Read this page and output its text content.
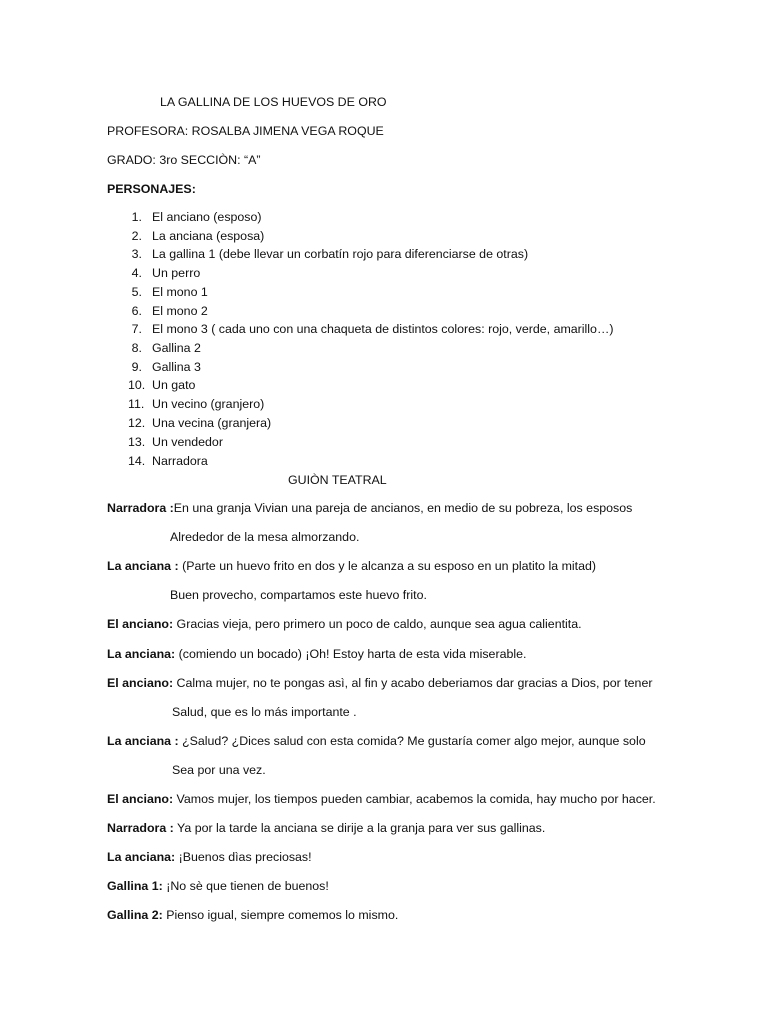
LA GALLINA DE LOS HUEVOS DE ORO
PROFESORA: ROSALBA JIMENA VEGA ROQUE
GRADO: 3ro SECCIÒN: “A”
PERSONAJES:
1. El anciano (esposo)
2. La anciana (esposa)
3. La gallina 1 (debe llevar un corbatín rojo para diferenciarse de otras)
4. Un perro
5. El mono 1
6. El mono 2
7. El mono 3 ( cada uno con una chaqueta de distintos colores: rojo, verde, amarillo…)
8. Gallina 2
9. Gallina 3
10. Un gato
11. Un vecino (granjero)
12. Una vecina (granjera)
13. Un vendedor
14. Narradora
GUIÒN TEATRAL
Narradora :En una granja Vivian una pareja de ancianos, en medio de su pobreza, los esposos
Alrededor de la mesa almorzando.
La anciana : (Parte un huevo frito en dos y le alcanza a su esposo en un platito la mitad)
Buen provecho, compartamos este huevo frito.
El anciano: Gracias vieja, pero primero un poco de caldo, aunque sea agua calientita.
La anciana: (comiendo un bocado) ¡Oh! Estoy harta de esta vida miserable.
El anciano: Calma mujer, no te pongas asì, al fin y acabo deberiamos dar gracias a Dios, por tener
Salud, que es lo más importante .
La anciana : ¿Salud? ¿Dices salud con esta comida? Me gustaría comer algo mejor, aunque solo
Sea por una vez.
El anciano: Vamos mujer, los tiempos pueden cambiar, acabemos la comida, hay mucho por hacer.
Narradora : Ya por la tarde la anciana se dirije a la granja para ver sus gallinas.
La anciana: ¡Buenos dìas preciosas!
Gallina 1: ¡No sè que tienen de buenos!
Gallina 2: Pienso igual, siempre comemos lo mismo.
